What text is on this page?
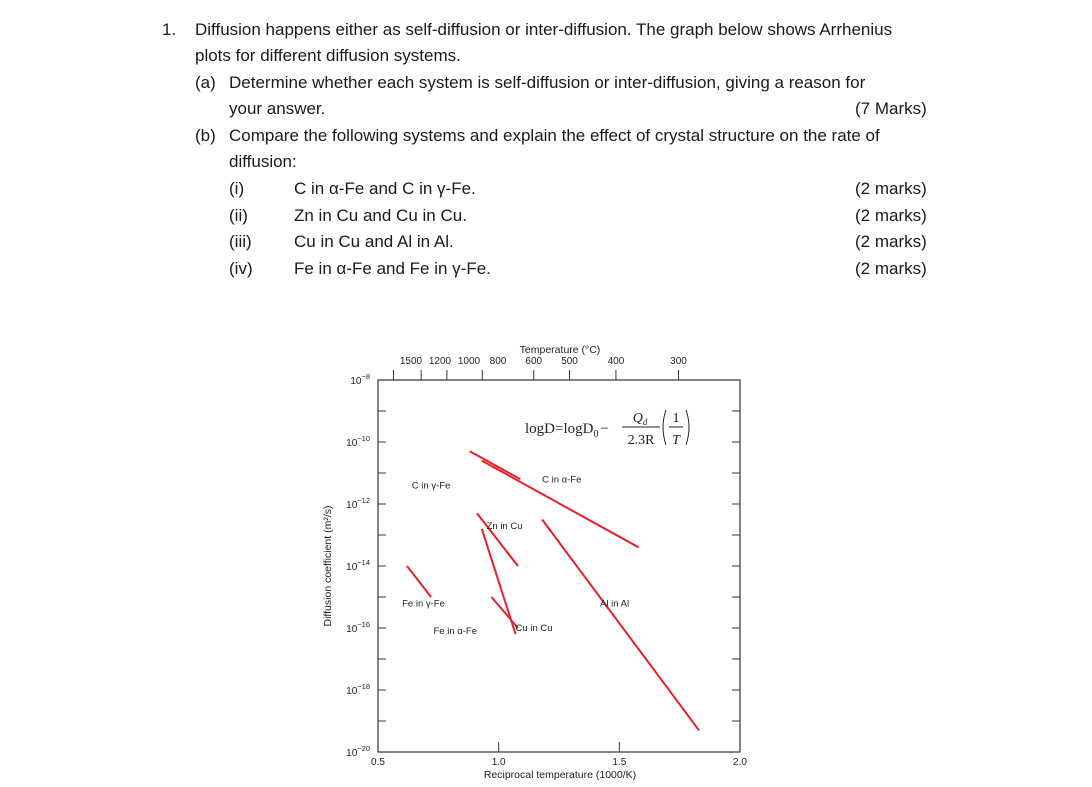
1. Diffusion happens either as self-diffusion or inter-diffusion. The graph below shows Arrhenius
plots for different diffusion systems.
(a) Determine whether each system is self-diffusion or inter-diffusion, giving a reason for
your answer.	(7 Marks)
(b) Compare the following systems and explain the effect of crystal structure on the rate of
diffusion:
(i)	C in α-Fe and C in γ-Fe.	(2 marks)
(ii)	Zn in Cu and Cu in Cu.	(2 marks)
(iii) Cu in Cu and Al in Al.	(2 marks)
(iv) Fe in α-Fe and Fe in γ-Fe.	(2 marks)
Temperature (°C)
Reciprocal temperature (1000/K)
Diffusion coefficient (m²/s)
$10^{-8}$
$10^{-10}$
$10^{-12}$
$10^{-14}$
$10^{-16}$
$10^{-18}$
$10^{-20}$
0.5	1.0	1.5	2.0
1500 1200 1000 800 600 500	400	300
C in γ-Fe
C in α-Fe
Zn in Cu
Fe in γ-Fe
Fe in α-Fe	Cu in Cu
Al in Al
logD=logD$_0$ −
$Q_d$
2.3R
1
T
